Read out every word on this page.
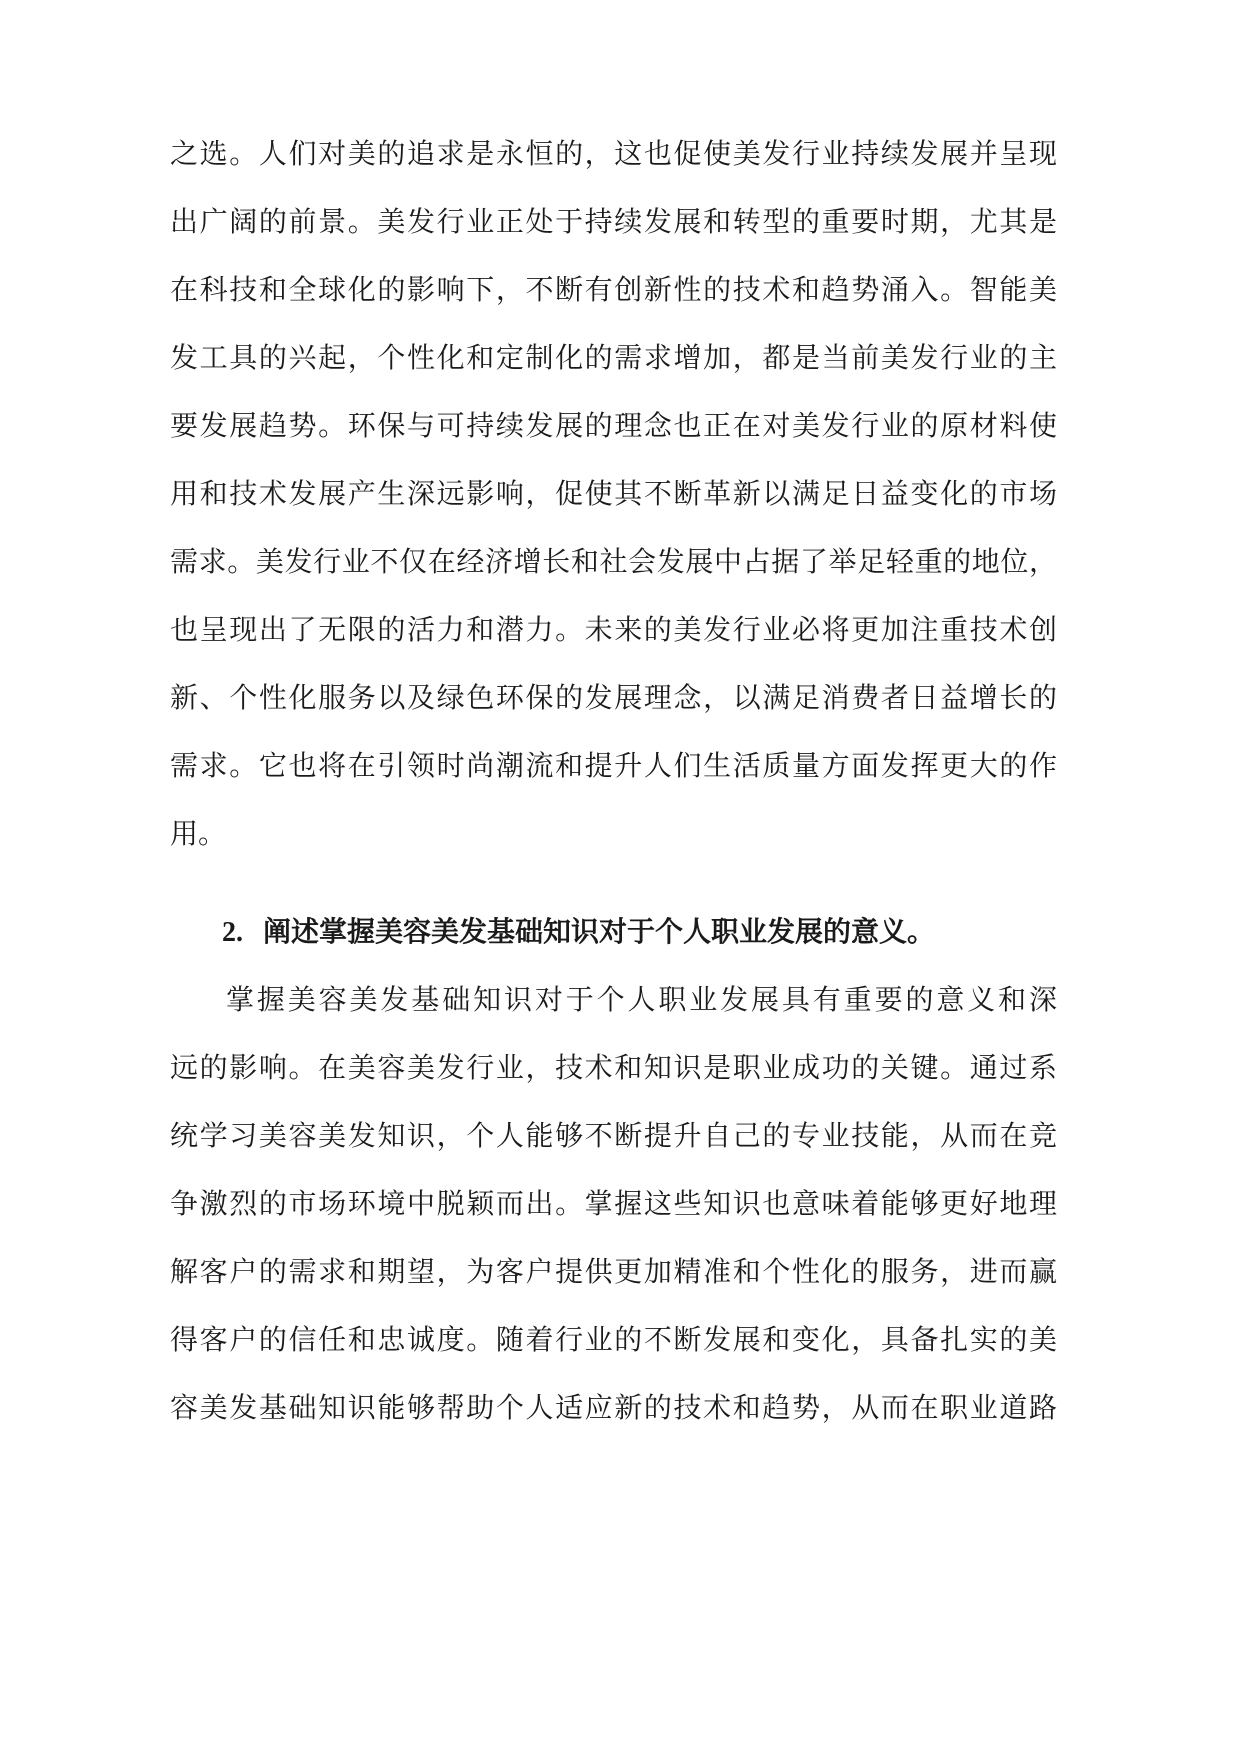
之选。人们对美的追求是永恒的，这也促使美发行业持续发展并呈现
出广阔的前景。美发行业正处于持续发展和转型的重要时期，尤其是
在科技和全球化的影响下，不断有创新性的技术和趋势涌入。智能美
发工具的兴起，个性化和定制化的需求增加，都是当前美发行业的主
要发展趋势。环保与可持续发展的理念也正在对美发行业的原材料使
用和技术发展产生深远影响，促使其不断革新以满足日益变化的市场
需求。美发行业不仅在经济增长和社会发展中占据了举足轻重的地位，
也呈现出了无限的活力和潜力。未来的美发行业必将更加注重技术创
新、个性化服务以及绿色环保的发展理念，以满足消费者日益增长的
需求。它也将在引领时尚潮流和提升人们生活质量方面发挥更大的作
用。
2. 阐述掌握美容美发基础知识对于个人职业发展的意义。
掌握美容美发基础知识对于个人职业发展具有重要的意义和深
远的影响。在美容美发行业，技术和知识是职业成功的关键。通过系
统学习美容美发知识，个人能够不断提升自己的专业技能，从而在竞
争激烈的市场环境中脱颖而出。掌握这些知识也意味着能够更好地理
解客户的需求和期望，为客户提供更加精准和个性化的服务，进而赢
得客户的信任和忠诚度。随着行业的不断发展和变化，具备扎实的美
容美发基础知识能够帮助个人适应新的技术和趋势，从而在职业道路
